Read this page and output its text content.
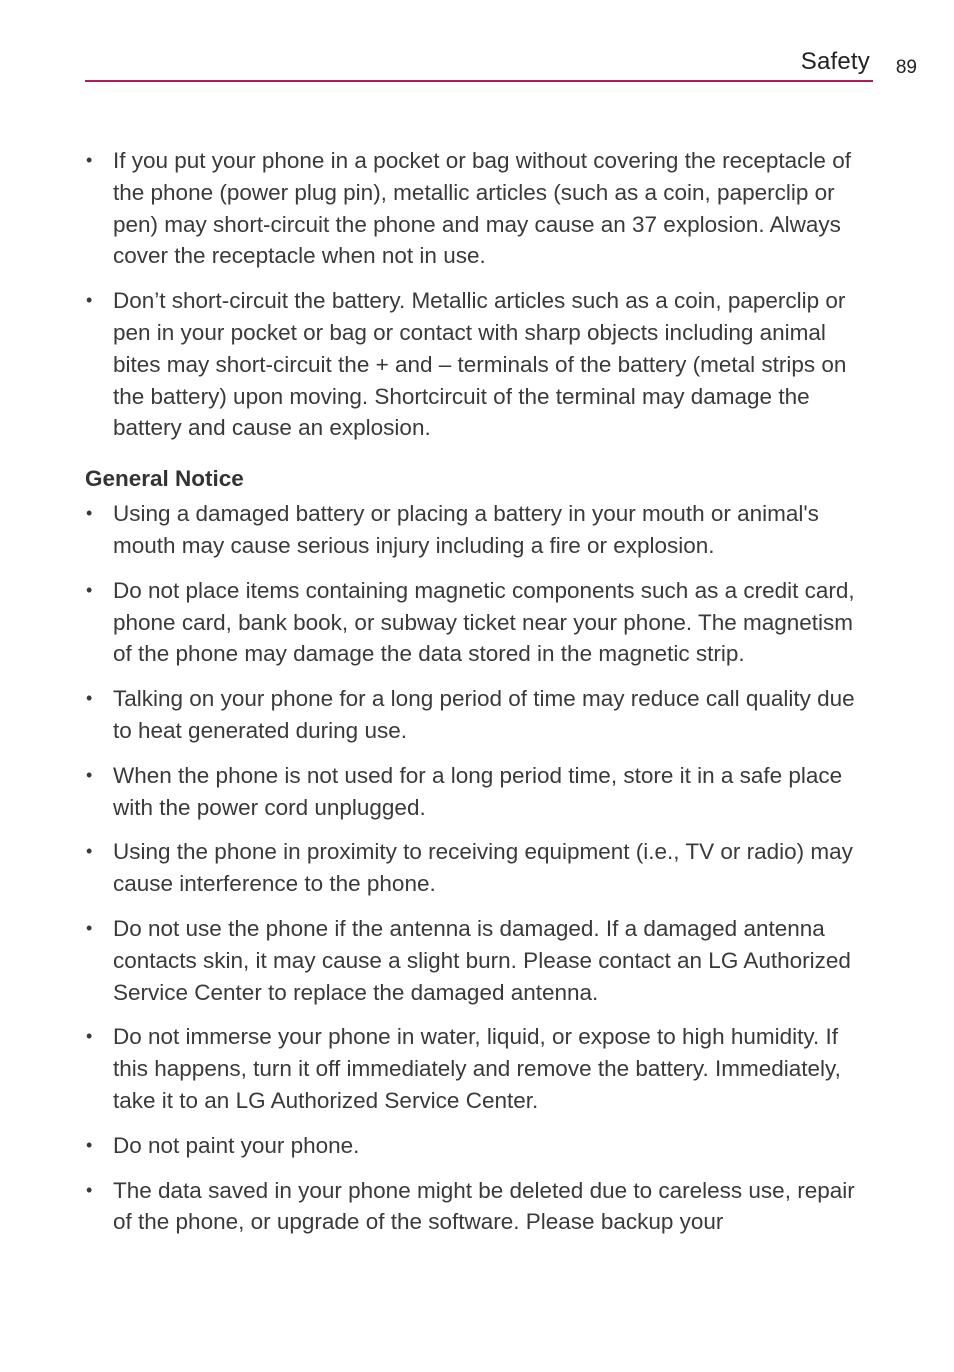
Safety 89
• If you put your phone in a pocket or bag without covering the receptacle of the phone (power plug pin), metallic articles (such as a coin, paperclip or pen) may short-circuit the phone and may cause an 37 explosion. Always cover the receptacle when not in use.
• Don’t short-circuit the battery. Metallic articles such as a coin, paperclip or pen in your pocket or bag or contact with sharp objects including animal bites may short-circuit the + and – terminals of the battery (metal strips on the battery) upon moving. Shortcircuit of the terminal may damage the battery and cause an explosion.
General Notice
• Using a damaged battery or placing a battery in your mouth or animal's mouth may cause serious injury including a fire or explosion.
• Do not place items containing magnetic components such as a credit card, phone card, bank book, or subway ticket near your phone. The magnetism of the phone may damage the data stored in the magnetic strip.
• Talking on your phone for a long period of time may reduce call quality due to heat generated during use.
• When the phone is not used for a long period time, store it in a safe place with the power cord unplugged.
• Using the phone in proximity to receiving equipment (i.e., TV or radio) may cause interference to the phone.
• Do not use the phone if the antenna is damaged. If a damaged antenna contacts skin, it may cause a slight burn. Please contact an LG Authorized Service Center to replace the damaged antenna.
• Do not immerse your phone in water, liquid, or expose to high humidity. If this happens, turn it off immediately and remove the battery. Immediately, take it to an LG Authorized Service Center.
• Do not paint your phone.
• The data saved in your phone might be deleted due to careless use, repair of the phone, or upgrade of the software. Please backup your
